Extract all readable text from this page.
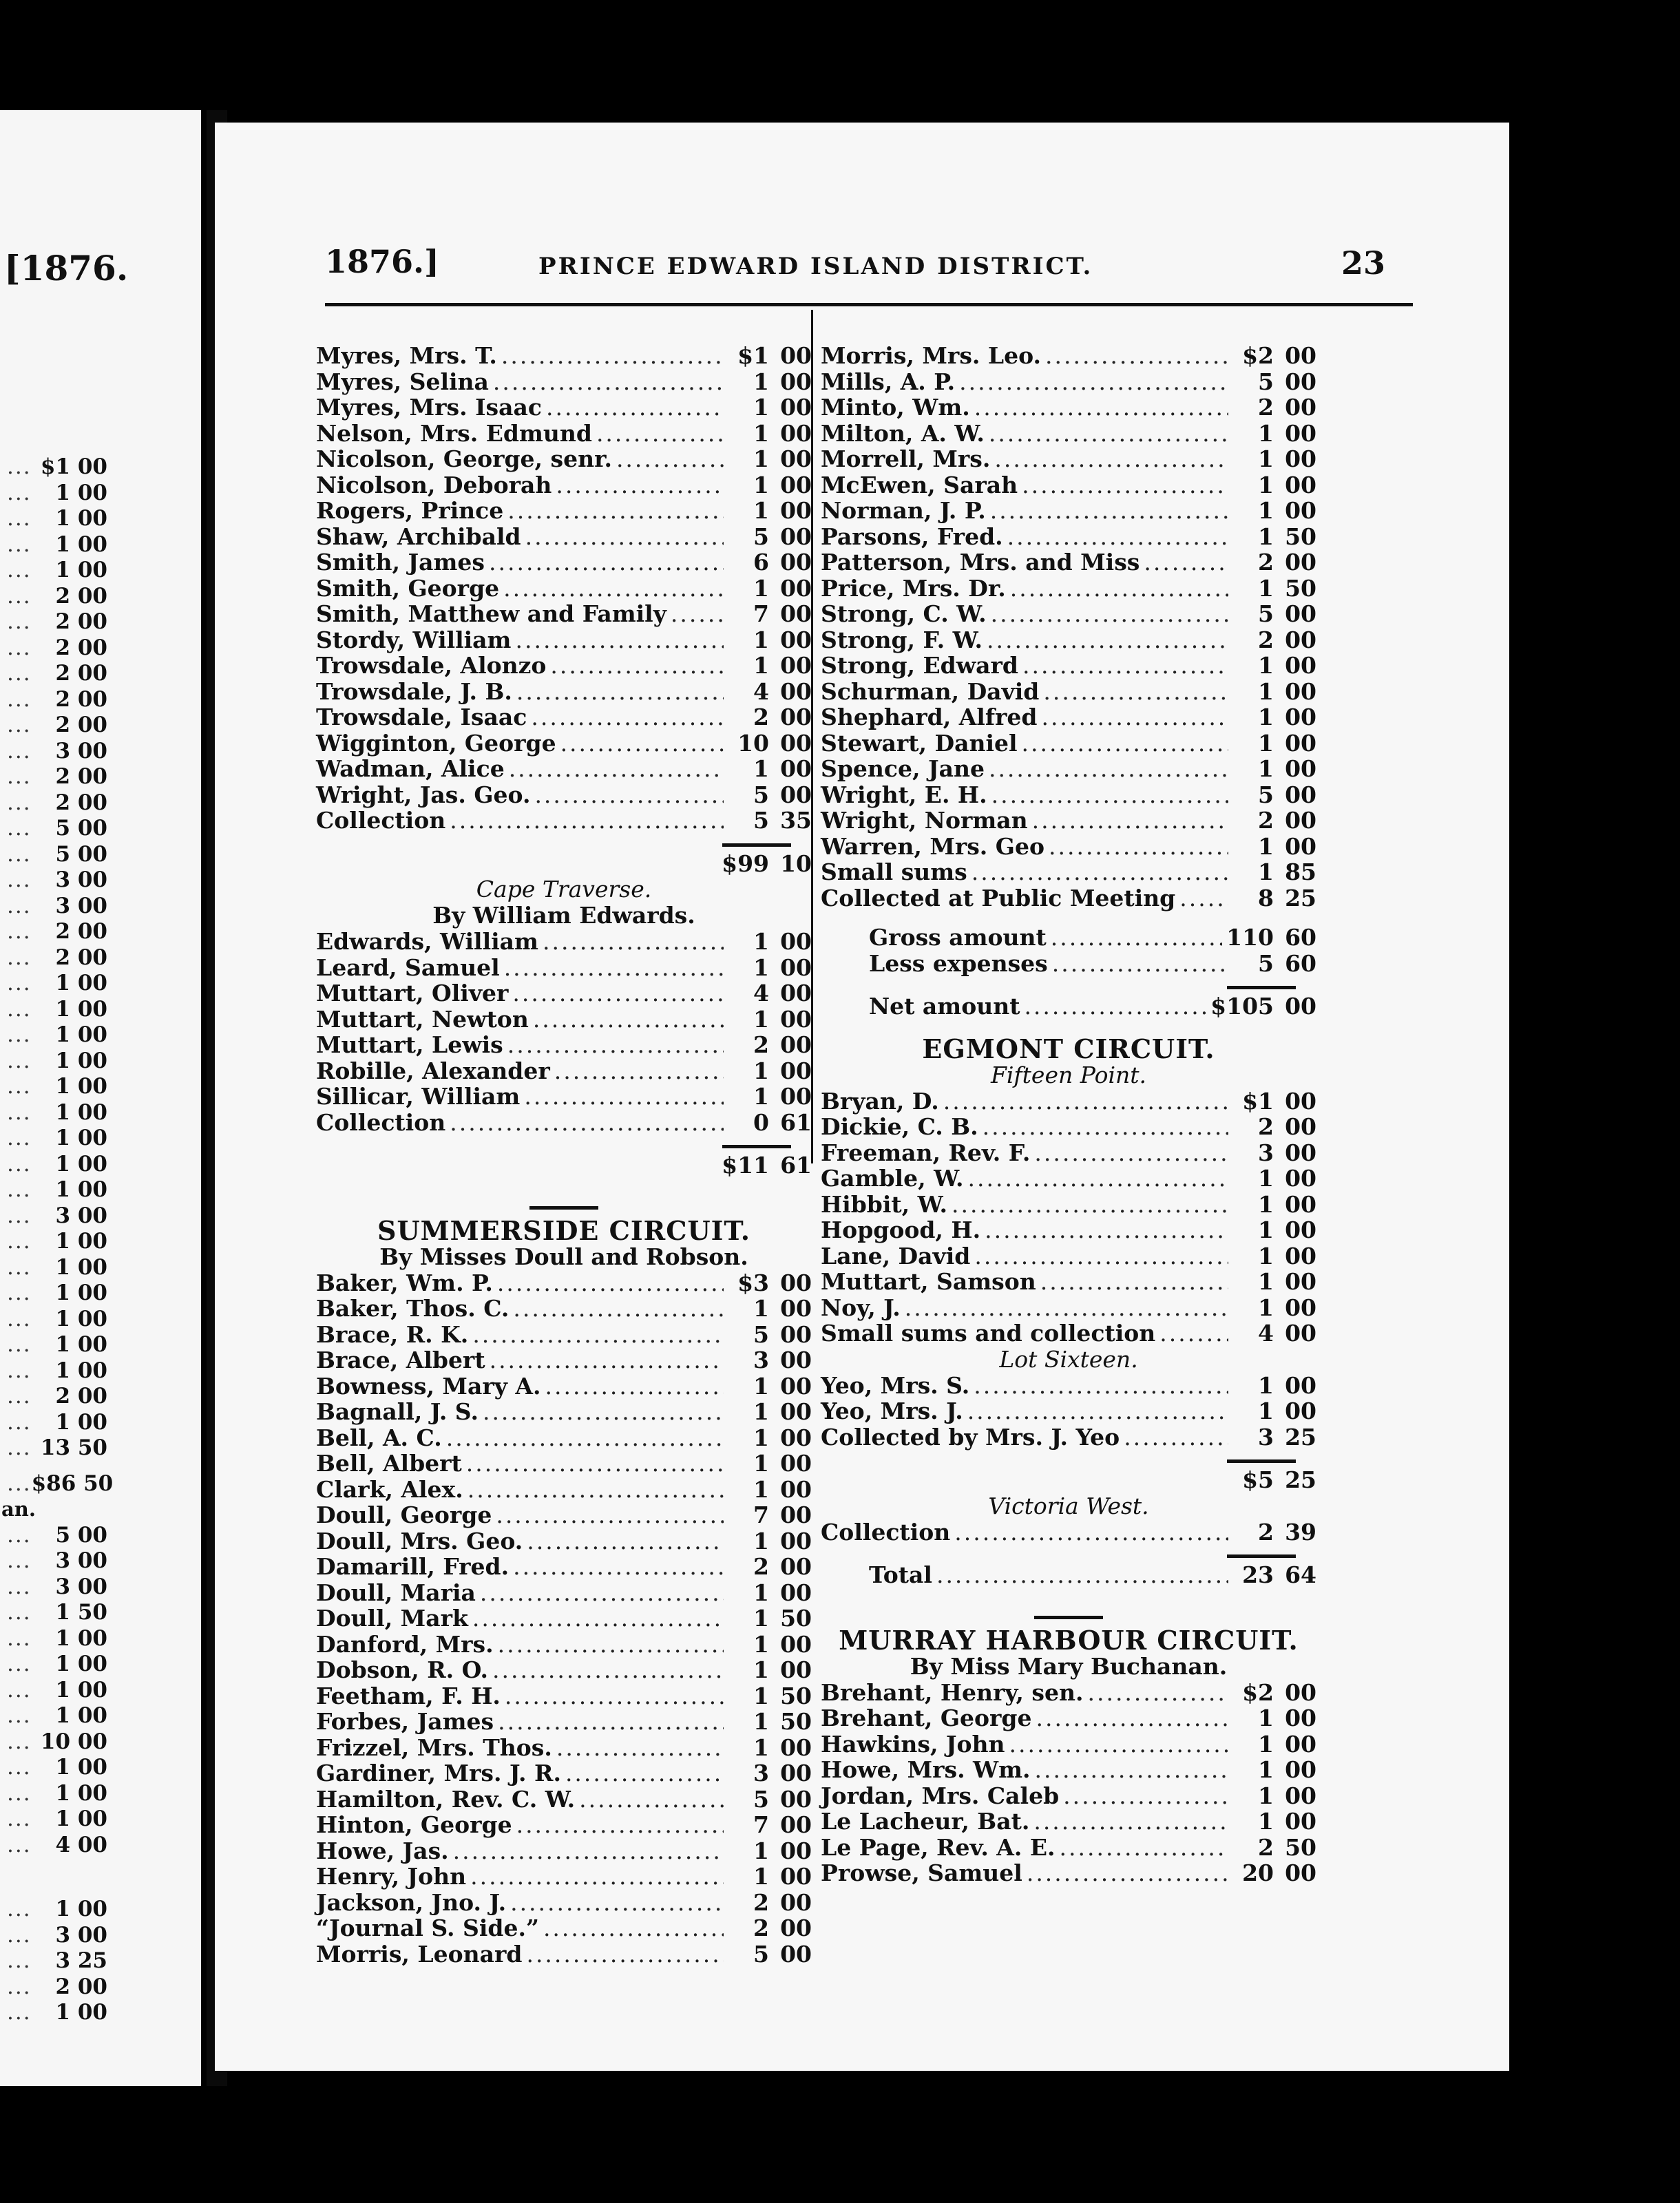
[1876.
... $1 00
... 1 00
... 1 00
... 1 00
... 1 00
... 2 00
... 2 00
... 2 00
... 2 00
... 2 00
... 2 00
... 3 00
... 2 00
... 2 00
... 5 00
... 5 00
... 3 00
... 3 00
... 2 00
... 2 00
... 1 00
... 1 00
... 1 00
... 1 00
... 1 00
... 1 00
... 1 00
... 1 00
... 1 00
... 3 00
... 1 00
... 1 00
... 1 00
... 1 00
... 1 00
... 1 00
... 2 00
... 1 00
... 13 50
... $86 50
an.
... 5 00
... 3 00
... 3 00
... 1 50
... 1 00
... 1 00
... 1 00
... 1 00
... 10 00
... 1 00
... 1 00
... 1 00
... 4 00
... 1 00
... 3 00
... 3 25
... 2 00
... 1 00
1876.]	PRINCE EDWARD ISLAND DISTRICT.	23
Myres, Mrs. T. .....	$1 00
Myres, Selina .....	1 00
Myres, Mrs. Isaac .....	1 00
Nelson, Mrs. Edmund .....	1 00
Nicolson, George, senr. .....	1 00
Nicolson, Deborah .....	1 00
Rogers, Prince .....	1 00
Shaw, Archibald .....	5 00
Smith, James .....	6 00
Smith, George .....	1 00
Smith, Matthew and Family .....	7 00
Stordy, William .....	1 00
Trowsdale, Alonzo .....	1 00
Trowsdale, J. B. .....	4 00
Trowsdale, Isaac .....	2 00
Wigginton, George .....	10 00
Wadman, Alice .....	1 00
Wright, Jas. Geo. .....	5 00
Collection .....	5 35
$99 10
Cape Traverse.
By William Edwards.
Edwards, William .....	1 00
Leard, Samuel .....	1 00
Muttart, Oliver .....	4 00
Muttart, Newton .....	1 00
Muttart, Lewis .....	2 00
Robille, Alexander .....	1 00
Sillicar, William .....	1 00
Collection .....	0 61
$11 61
SUMMERSIDE CIRCUIT.
By Misses Doull and Robson.
Baker, Wm. P. .....	$3 00
Baker, Thos. C. .....	1 00
Brace, R. K. .....	5 00
Brace, Albert .....	3 00
Bowness, Mary A. .....	1 00
Bagnall, J. S. .....	1 00
Bell, A. C. .....	1 00
Bell, Albert .....	1 00
Clark, Alex. .....	1 00
Doull, George .....	7 00
Doull, Mrs. Geo. .....	1 00
Damarill, Fred. .....	2 00
Doull, Maria .....	1 00
Doull, Mark .....	1 50
Danford, Mrs. .....	1 00
Dobson, R. O. .....	1 00
Feetham, F. H. .....	1 50
Forbes, James .....	1 50
Frizzel, Mrs. Thos. .....	1 00
Gardiner, Mrs. J. R. .....	3 00
Hamilton, Rev. C. W. .....	5 00
Hinton, George .....	7 00
Howe, Jas. .....	1 00
Henry, John .....	1 00
Jackson, Jno. J. .....	2 00
“Journal S. Side.” .....	2 00
Morris, Leonard .....	5 00
Morris, Mrs. Leo. .....	$2 00
Mills, A. P. .....	5 00
Minto, Wm. .....	2 00
Milton, A. W. .....	1 00
Morrell, Mrs. .....	1 00
McEwen, Sarah .....	1 00
Norman, J. P. .....	1 00
Parsons, Fred. .....	1 50
Patterson, Mrs. and Miss .....	2 00
Price, Mrs. Dr. .....	1 50
Strong, C. W. .....	5 00
Strong, F. W. .....	2 00
Strong, Edward .....	1 00
Schurman, David .....	1 00
Shephard, Alfred .....	1 00
Stewart, Daniel .....	1 00
Spence, Jane .....	1 00
Wright, E. H. .....	5 00
Wright, Norman .....	2 00
Warren, Mrs. Geo .....	1 00
Small sums .....	1 85
Collected at Public Meeting .....	8 25
Gross amount .....	110 60
Less expenses .....	5 60
Net amount .....	$105 00
EGMONT CIRCUIT.
Fifteen Point.
Bryan, D. .....	$1 00
Dickie, C. B. .....	2 00
Freeman, Rev. F. .....	3 00
Gamble, W. .....	1 00
Hibbit, W. .....	1 00
Hopgood, H. .....	1 00
Lane, David .....	1 00
Muttart, Samson .....	1 00
Noy, J. .....	1 00
Small sums and collection .....	4 00
Lot Sixteen.
Yeo, Mrs. S. .....	1 00
Yeo, Mrs. J. .....	1 00
Collected by Mrs. J. Yeo .....	3 25
$5 25
Victoria West.
Collection .....	2 39
Total .....	23 64
MURRAY HARBOUR CIRCUIT.
By Miss Mary Buchanan.
Brehant, Henry, sen. .....	$2 00
Brehant, George .....	1 00
Hawkins, John .....	1 00
Howe, Mrs. Wm. .....	1 00
Jordan, Mrs. Caleb .....	1 00
Le Lacheur, Bat. .....	1 00
Le Page, Rev. A. E. .....	2 50
Prowse, Samuel .....	20 00
